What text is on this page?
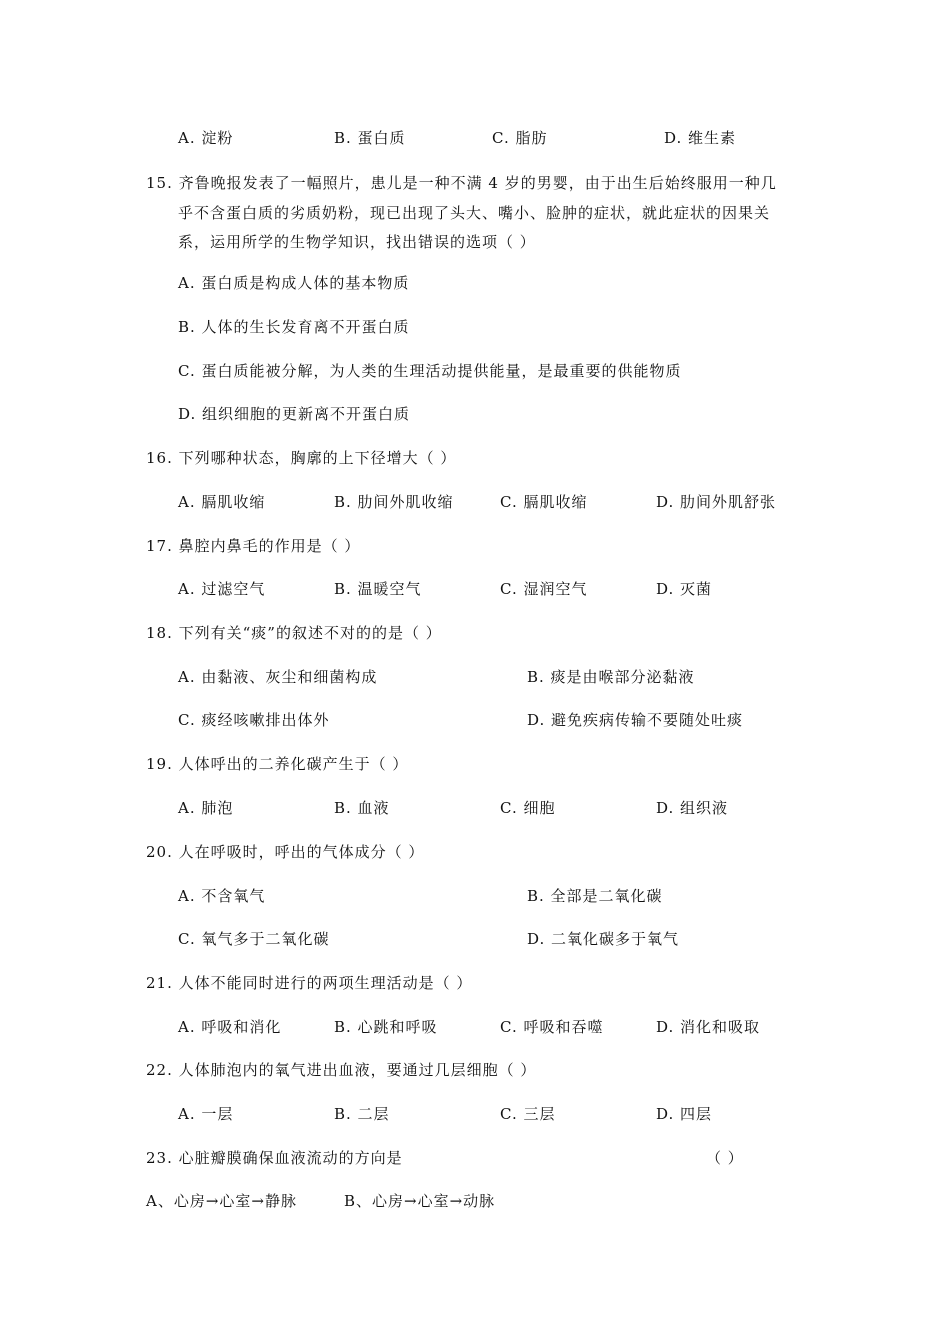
A. 淀粉	B. 蛋白质	C. 脂肪	D. 维生素
15. 齐鲁晚报发表了一幅照片，患儿是一种不满 4 岁的男婴，由于出生后始终服用一种几
乎不含蛋白质的劣质奶粉，现已出现了头大、嘴小、脸肿的症状，就此症状的因果关
系，运用所学的生物学知识，找出错误的选项（ ）
A. 蛋白质是构成人体的基本物质
B. 人体的生长发育离不开蛋白质
C. 蛋白质能被分解，为人类的生理活动提供能量，是最重要的供能物质
D. 组织细胞的更新离不开蛋白质
16. 下列哪种状态，胸廓的上下径增大（ ）
A. 膈肌收缩	B. 肋间外肌收缩	C. 膈肌收缩	D. 肋间外肌舒张
17. 鼻腔内鼻毛的作用是（ ）
A. 过滤空气	B. 温暖空气	C. 湿润空气	D. 灭菌
18. 下列有关“痰”的叙述不对的的是（ ）
A. 由黏液、灰尘和细菌构成	B. 痰是由喉部分泌黏液
C. 痰经咳嗽排出体外	D. 避免疾病传输不要随处吐痰
19. 人体呼出的二养化碳产生于（ ）
A. 肺泡	B. 血液	C. 细胞	D. 组织液
20. 人在呼吸时，呼出的气体成分（ ）
A. 不含氧气	B. 全部是二氧化碳
C. 氧气多于二氧化碳	D. 二氧化碳多于氧气
21. 人体不能同时进行的两项生理活动是（ ）
A. 呼吸和消化	B. 心跳和呼吸	C. 呼吸和吞噬	D. 消化和吸取
22. 人体肺泡内的氧气进出血液，要通过几层细胞（ ）
A. 一层	B. 二层	C. 三层	D. 四层
23. 心脏瓣膜确保血液流动的方向是	（ ）
A、心房→心室→静脉	B、心房→心室→动脉
